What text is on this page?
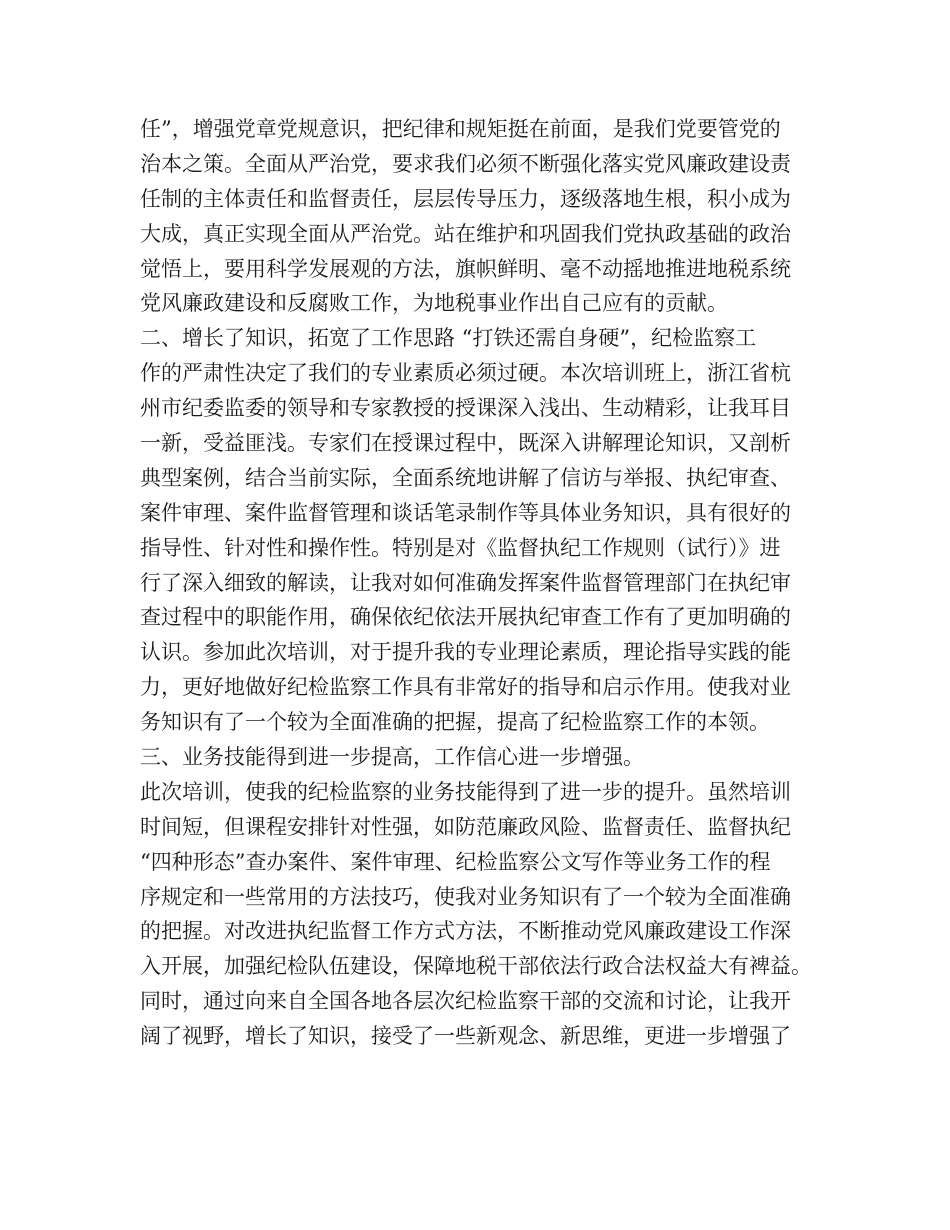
任”，增强党章党规意识，把纪律和规矩挺在前面，是我们党要管党的
治本之策。全面从严治党，要求我们必须不断强化落实党风廉政建设责
任制的主体责任和监督责任，层层传导压力，逐级落地生根，积小成为
大成，真正实现全面从严治党。站在维护和巩固我们党执政基础的政治
觉悟上，要用科学发展观的方法，旗帜鲜明、毫不动摇地推进地税系统
党风廉政建设和反腐败工作，为地税事业作出自己应有的贡献。
二、增长了知识，拓宽了工作思路 “打铁还需自身硬”，纪检监察工
作的严肃性决定了我们的专业素质必须过硬。本次培训班上，浙江省杭
州市纪委监委的领导和专家教授的授课深入浅出、生动精彩，让我耳目
一新，受益匪浅。专家们在授课过程中，既深入讲解理论知识，又剖析
典型案例，结合当前实际，全面系统地讲解了信访与举报、执纪审查、
案件审理、案件监督管理和谈话笔录制作等具体业务知识，具有很好的
指导性、针对性和操作性。特别是对《监督执纪工作规则（试行）》进
行了深入细致的解读，让我对如何准确发挥案件监督管理部门在执纪审
查过程中的职能作用，确保依纪依法开展执纪审查工作有了更加明确的
认识。参加此次培训，对于提升我的专业理论素质，理论指导实践的能
力，更好地做好纪检监察工作具有非常好的指导和启示作用。使我对业
务知识有了一个较为全面准确的把握，提高了纪检监察工作的本领。
三、业务技能得到进一步提高，工作信心进一步增强。
此次培训，使我的纪检监察的业务技能得到了进一步的提升。虽然培训
时间短，但课程安排针对性强，如防范廉政风险、监督责任、监督执纪
“四种形态”查办案件、案件审理、纪检监察公文写作等业务工作的程
序规定和一些常用的方法技巧，使我对业务知识有了一个较为全面准确
的把握。对改进执纪监督工作方式方法，不断推动党风廉政建设工作深
入开展，加强纪检队伍建设，保障地税干部依法行政合法权益大有裨益。
同时，通过向来自全国各地各层次纪检监察干部的交流和讨论，让我开
阔了视野，增长了知识，接受了一些新观念、新思维，更进一步增强了
